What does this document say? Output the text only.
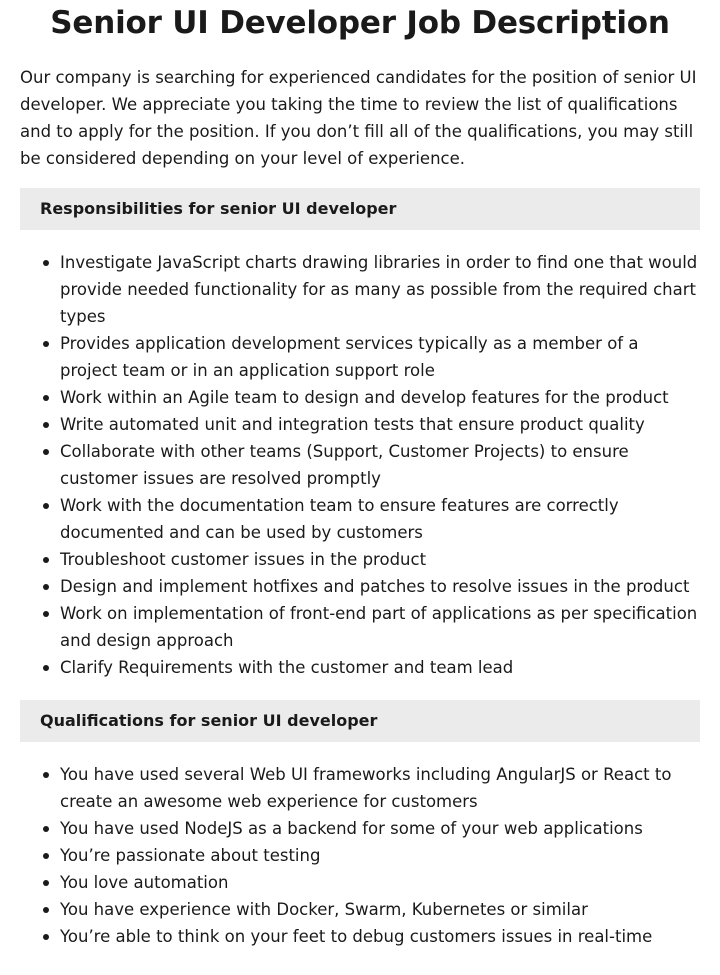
Senior UI Developer Job Description

Our company is searching for experienced candidates for the position of senior UI developer. We appreciate you taking the time to review the list of qualifications and to apply for the position. If you don’t fill all of the qualifications, you may still be considered depending on your level of experience.

Responsibilities for senior UI developer
Investigate JavaScript charts drawing libraries in order to find one that would provide needed functionality for as many as possible from the required chart types
Provides application development services typically as a member of a project team or in an application support role
Work within an Agile team to design and develop features for the product
Write automated unit and integration tests that ensure product quality
Collaborate with other teams (Support, Customer Projects) to ensure customer issues are resolved promptly
Work with the documentation team to ensure features are correctly documented and can be used by customers
Troubleshoot customer issues in the product
Design and implement hotfixes and patches to resolve issues in the product
Work on implementation of front-end part of applications as per specification and design approach
Clarify Requirements with the customer and team lead
Qualifications for senior UI developer
You have used several Web UI frameworks including AngularJS or React to create an awesome web experience for customers
You have used NodeJS as a backend for some of your web applications
You’re passionate about testing
You love automation
You have experience with Docker, Swarm, Kubernetes or similar
You’re able to think on your feet to debug customers issues in real-time
